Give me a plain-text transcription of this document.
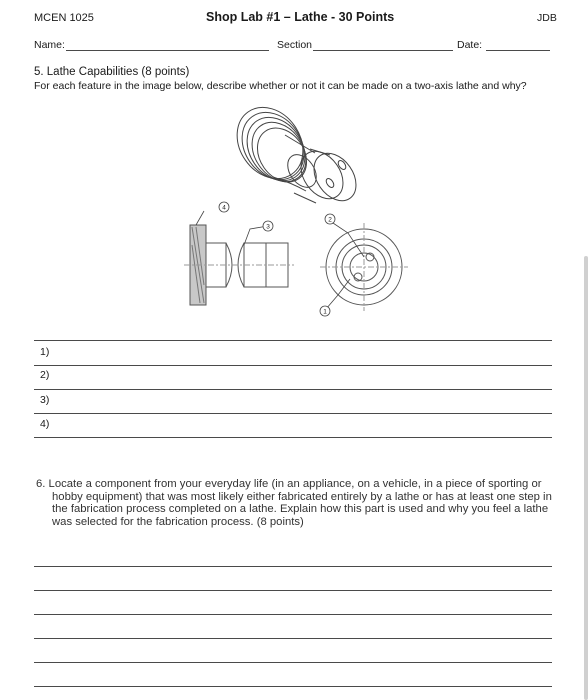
MCEN 1025	Shop Lab #1 – Lathe - 30 Points	JDB
Name:	Section	Date:
5. Lathe Capabilities (8 points)
For each feature in the image below, describe whether or not it can be made on a two-axis lathe and why?
4
3
2
1
1)
2)
3)
4)
6. Locate a component from your everyday life (in an appliance, on a vehicle, in a piece of sporting or hobby equipment) that was most likely either fabricated entirely by a lathe or has at least one step in the fabrication process completed on a lathe. Explain how this part is used and why you feel a lathe was selected for the fabrication process. (8 points)
